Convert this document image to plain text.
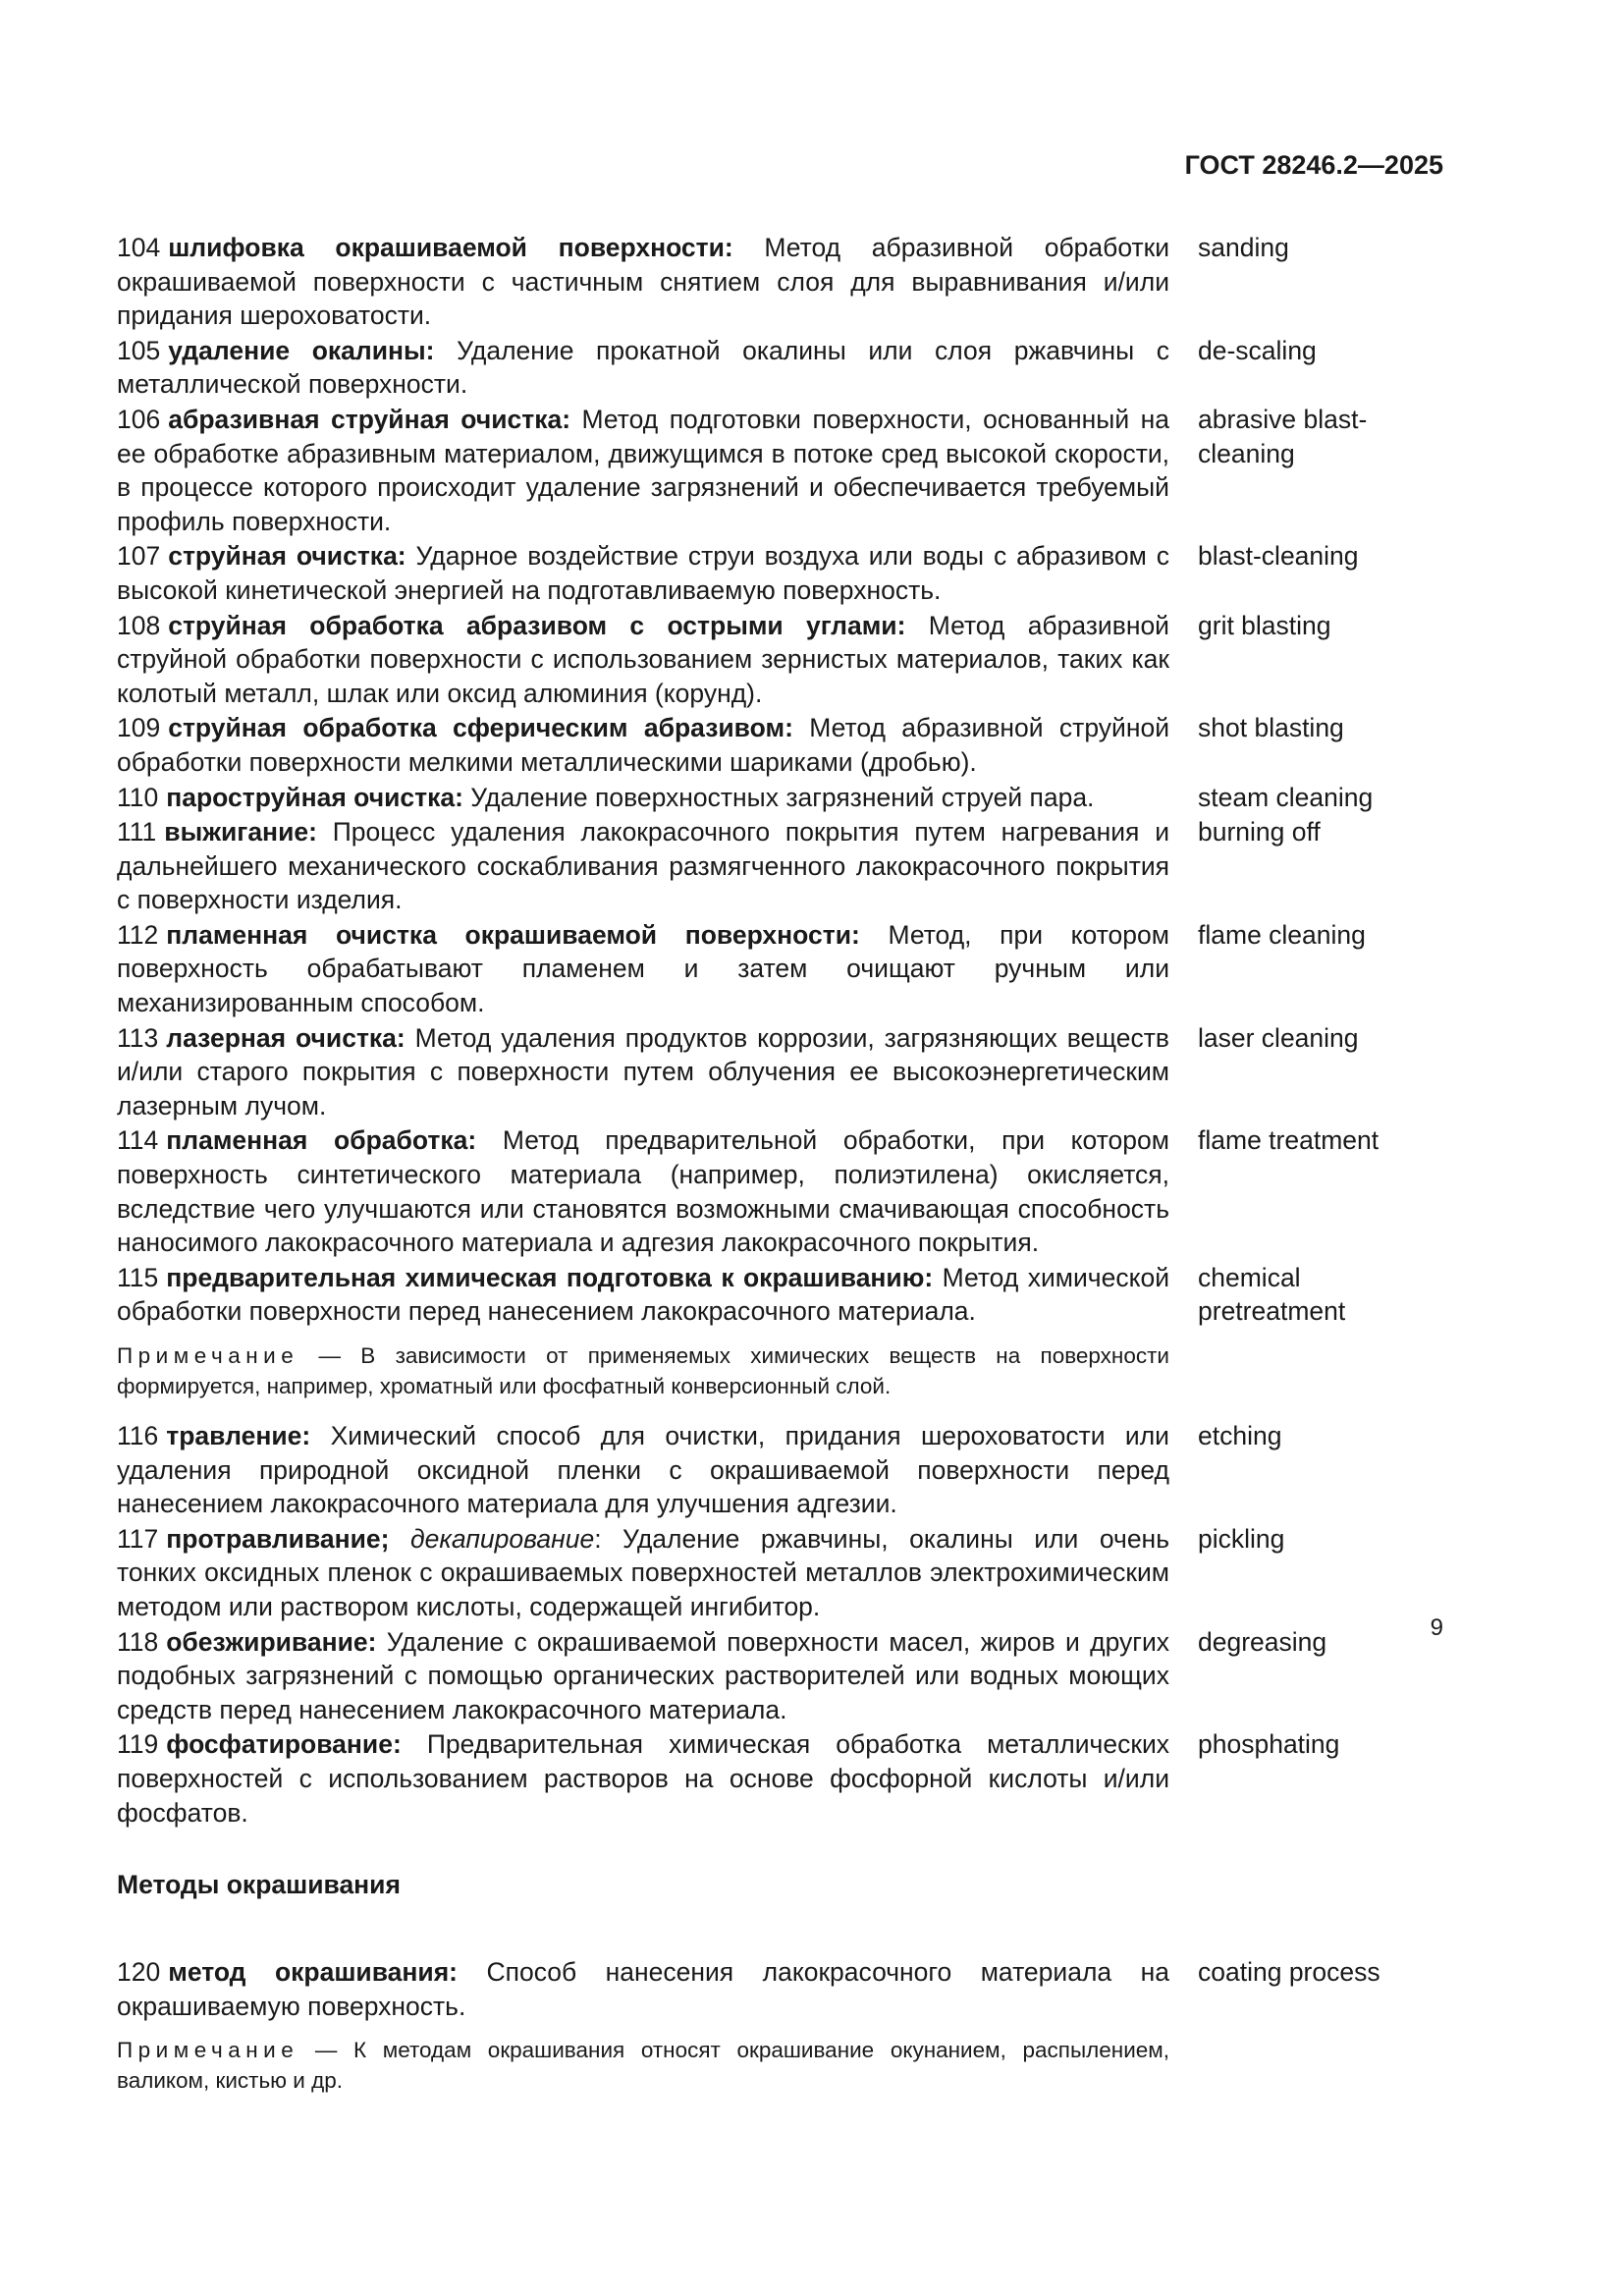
ГОСТ 28246.2—2025
104 шлифовка окрашиваемой поверхности: Метод абразивной обработки окрашиваемой поверхности с частичным снятием слоя для выравнивания и/или придания шероховатости.
sanding
105 удаление окалины: Удаление прокатной окалины или слоя ржавчины с металлической поверхности.
de-scaling
106 абразивная струйная очистка: Метод подготовки поверхности, основанный на ее обработке абразивным материалом, движущимся в потоке сред высокой скорости, в процессе которого происходит удаление загрязнений и обеспечивается требуемый профиль поверхности.
abrasive blast-cleaning
107 струйная очистка: Ударное воздействие струи воздуха или воды с абразивом с высокой кинетической энергией на подготавливаемую поверхность.
blast-cleaning
108 струйная обработка абразивом с острыми углами: Метод абразивной струйной обработки поверхности с использованием зернистых материалов, таких как колотый металл, шлак или оксид алюминия (корунд).
grit blasting
109 струйная обработка сферическим абразивом: Метод абразивной струйной обработки поверхности мелкими металлическими шариками (дробью).
shot blasting
110 пароструйная очистка: Удаление поверхностных загрязнений струей пара.	steam cleaning
111 выжигание: Процесс удаления лакокрасочного покрытия путем нагревания и дальнейшего механического соскабливания размягченного лакокрасочного покрытия с поверхности изделия.
burning off
112 пламенная очистка окрашиваемой поверхности: Метод, при котором поверхность обрабатывают пламенем и затем очищают ручным или механизированным способом.
flame cleaning
113 лазерная очистка: Метод удаления продуктов коррозии, загрязняющих веществ и/или старого покрытия с поверхности путем облучения ее высокоэнергетическим лазерным лучом.
laser cleaning
114 пламенная обработка: Метод предварительной обработки, при котором поверхность синтетического материала (например, полиэтилена) окисляется, вследствие чего улучшаются или становятся возможными смачивающая способность наносимого лакокрасочного материала и адгезия лакокрасочного покрытия.
flame treatment
115 предварительная химическая подготовка к окрашиванию: Метод химической обработки поверхности перед нанесением лакокрасочного материала.
chemical pretreatment
Примечание — В зависимости от применяемых химических веществ на поверхности формируется, например, хроматный или фосфатный конверсионный слой.
116 травление: Химический способ для очистки, придания шероховатости или удаления природной оксидной пленки с окрашиваемой поверхности перед нанесением лакокрасочного материала для улучшения адгезии.
etching
117 протравливание; декапирование: Удаление ржавчины, окалины или очень тонких оксидных пленок с окрашиваемых поверхностей металлов электрохимическим методом или раствором кислоты, содержащей ингибитор.
pickling
118 обезжиривание: Удаление с окрашиваемой поверхности масел, жиров и других подобных загрязнений с помощью органических растворителей или водных моющих средств перед нанесением лакокрасочного материала.
degreasing
119 фосфатирование: Предварительная химическая обработка металлических поверхностей с использованием растворов на основе фосфорной кислоты и/или фосфатов.
phosphating
Методы окрашивания
120 метод окрашивания: Способ нанесения лакокрасочного материала на окрашиваемую поверхность.
coating process
Примечание — К методам окрашивания относят окрашивание окунанием, распылением, валиком, кистью и др.
9
